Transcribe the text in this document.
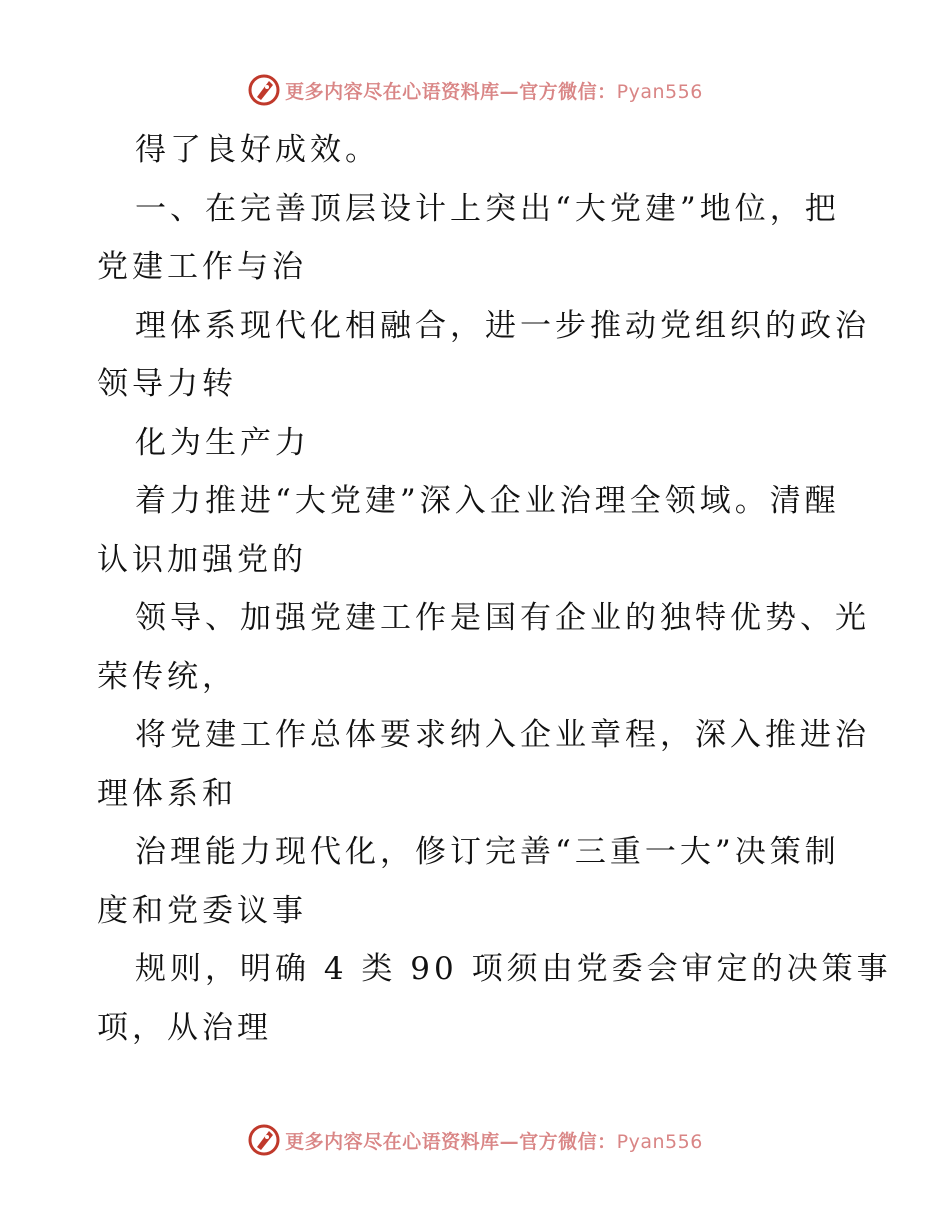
更多内容尽在心语资料库—官方微信：Pyan556
得了良好成效。
一、在完善顶层设计上突出“大党建”地位，把
党建工作与治
理体系现代化相融合，进一步推动党组织的政治
领导力转
化为生产力
着力推进“大党建”深入企业治理全领域。清醒
认识加强党的
领导、加强党建工作是国有企业的独特优势、光
荣传统，
将党建工作总体要求纳入企业章程，深入推进治
理体系和
治理能力现代化，修订完善“三重一大”决策制
度和党委议事
规则，明确 4 类 90 项须由党委会审定的决策事
项，从治理
更多内容尽在心语资料库—官方微信：Pyan556
